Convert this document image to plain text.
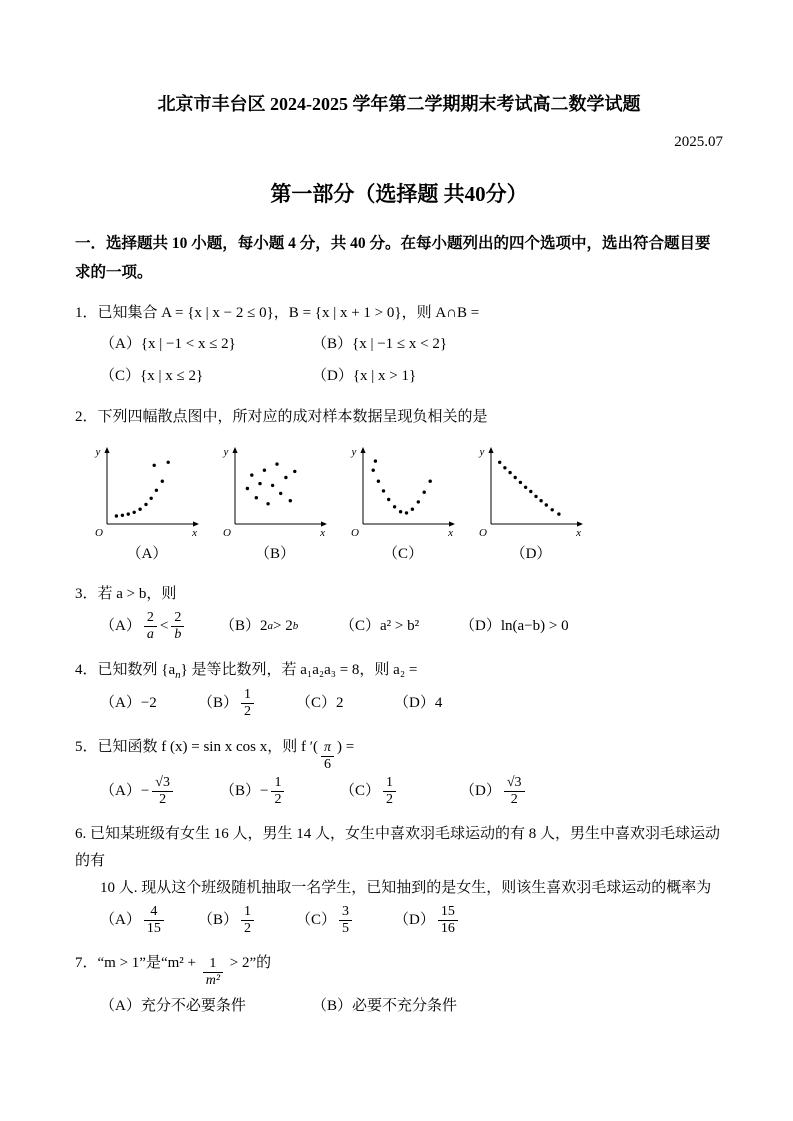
北京市丰台区 2024-2025 学年第二学期期末考试高二数学试题
2025.07
第一部分（选择题 共40分）
一．选择题共 10 小题，每小题 4 分，共 40 分。在每小题列出的四个选项中，选出符合题目要
求的一项。
1．已知集合 A = {x | x − 2 ≤ 0}，B = {x | x + 1 > 0}，则 A∩B =
（A）{x | −1 < x ≤ 2}	（B）{x | −1 ≤ x < 2}
（C）{x | x ≤ 2}	（D）{x | x > 1}
2．下列四幅散点图中，所对应的成对样本数据呈现负相关的是
y
x
O
（A）
y
x
O
（B）
y
x
O
（C）
y
x
O
（D）
3．若 a > b，则
$(A) \frac{2}{a} < \frac{2}{b} (B)2$ a > 2 b	（C）a² > b²	（D）ln(a−b) > 0
4．已知数列 $\{a_n\}$ 是等比数列，若 a₁a₂a₃ = 8，则 a₂ =
（A）−2	$(B) \frac{1}{2}$	（C）2	（D）4
5．已知函数 f (x) = sin x cos x，则 f ′( $\frac{\pi}{6}$ ) =
$(A)- \frac{√3}{2}$	$(B)- \frac{1}{2}$	$(C) \frac{1}{2}$	$(D) \frac{√3}{2}$
6. 已知某班级有女生 16 人，男生 14 人，女生中喜欢羽毛球运动的有 8 人，男生中喜欢羽毛球运动的有
10 人. 现从这个班级随机抽取一名学生，已知抽到的是女生，则该生喜欢羽毛球运动的概率为
$(A) \frac{4}{15} (B) \frac{1}{2}$	$(C) \frac{3}{5}$	$(D) \frac{15}{16}$
7．“m > 1”是“$m^2 + \frac{1}{\text{m²}} > 2$”的
（A）充分不必要条件	（B）必要不充分条件
